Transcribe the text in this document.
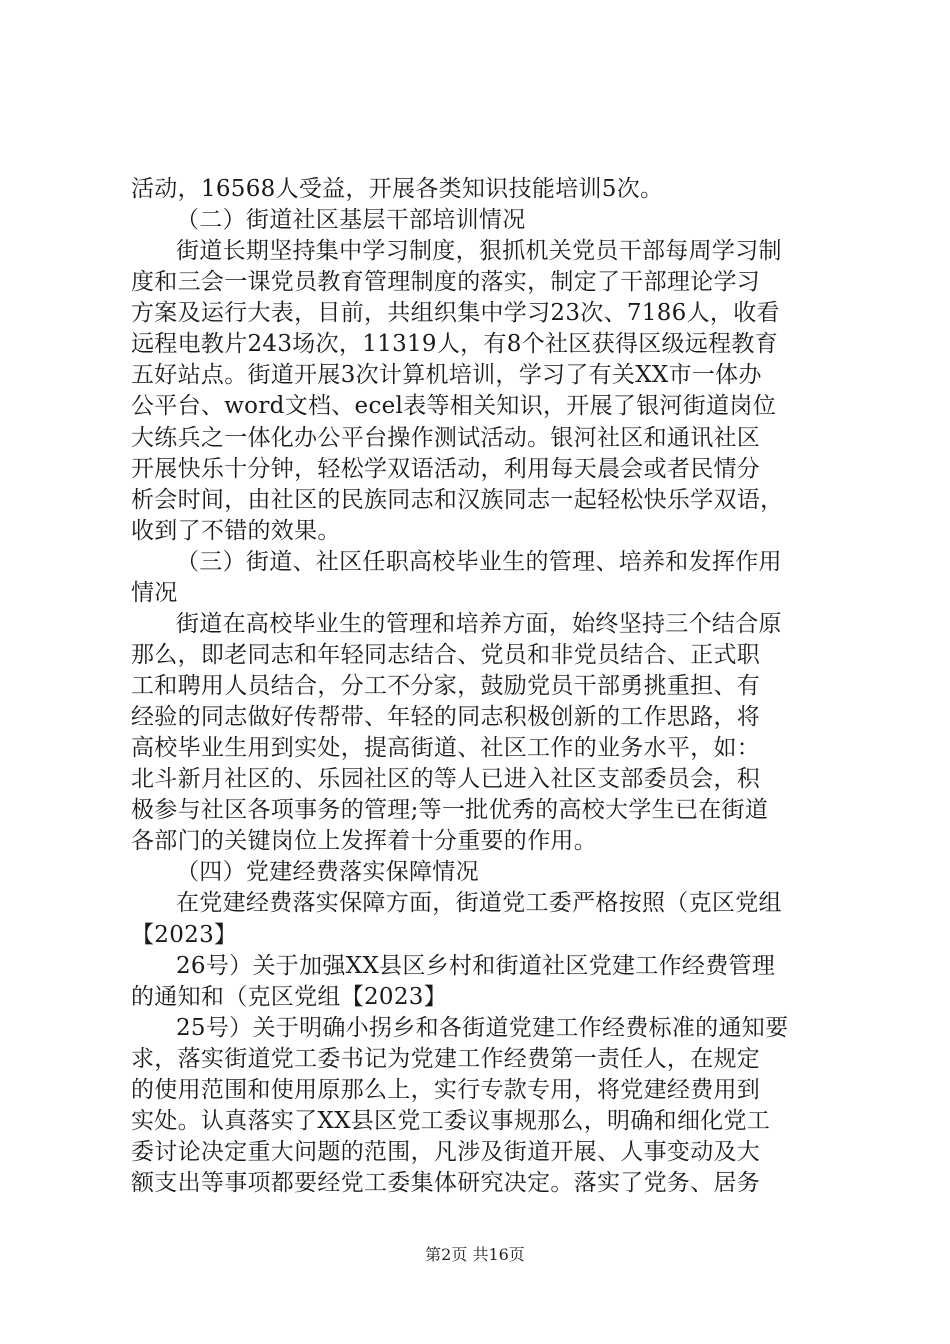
活动，16568人受益，开展各类知识技能培训5次。
（二）街道社区基层干部培训情况
街道长期坚持集中学习制度，狠抓机关党员干部每周学习制
度和三会一课党员教育管理制度的落实，制定了干部理论学习
方案及运行大表，目前，共组织集中学习23次、7186人，收看
远程电教片243场次，11319人，有8个社区获得区级远程教育
五好站点。街道开展3次计算机培训，学习了有关XX市一体办
公平台、word文档、ecel表等相关知识，开展了银河街道岗位
大练兵之一体化办公平台操作测试活动。银河社区和通讯社区
开展快乐十分钟，轻松学双语活动，利用每天晨会或者民情分
析会时间，由社区的民族同志和汉族同志一起轻松快乐学双语，
收到了不错的效果。
（三）街道、社区任职高校毕业生的管理、培养和发挥作用
情况
街道在高校毕业生的管理和培养方面，始终坚持三个结合原
那么，即老同志和年轻同志结合、党员和非党员结合、正式职
工和聘用人员结合，分工不分家，鼓励党员干部勇挑重担、有
经验的同志做好传帮带、年轻的同志积极创新的工作思路，将
高校毕业生用到实处，提高街道、社区工作的业务水平，如：
北斗新月社区的、乐园社区的等人已进入社区支部委员会，积
极参与社区各项事务的管理;等一批优秀的高校大学生已在街道
各部门的关键岗位上发挥着十分重要的作用。
（四）党建经费落实保障情况
在党建经费落实保障方面，街道党工委严格按照（克区党组
【2023】
26号）关于加强XX县区乡村和街道社区党建工作经费管理
的通知和（克区党组【2023】
25号）关于明确小拐乡和各街道党建工作经费标准的通知要
求，落实街道党工委书记为党建工作经费第一责任人，在规定
的使用范围和使用原那么上，实行专款专用，将党建经费用到
实处。认真落实了XX县区党工委议事规那么，明确和细化党工
委讨论决定重大问题的范围，凡涉及街道开展、人事变动及大
额支出等事项都要经党工委集体研究决定。落实了党务、居务
第2页 共16页
